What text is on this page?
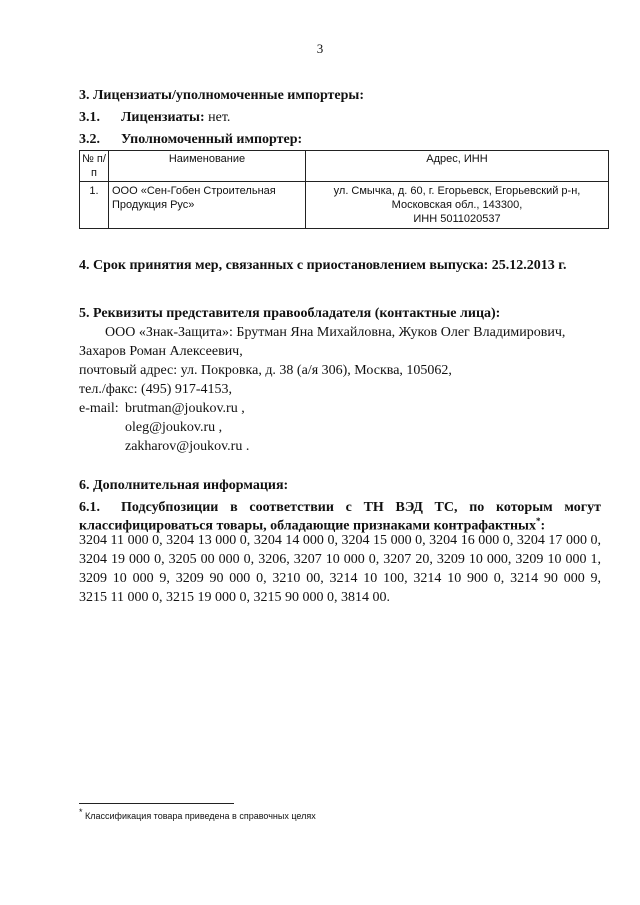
3
3. Лицензиаты/уполномоченные импортеры:
3.1. Лицензиаты: нет.
3.2. Уполномоченный импортер:
№ п/п	Наименование	Адрес, ИНН
1.	ООО «Сен-Гобен Строительная Продукция Рус»	ул. Смычка, д. 60, г. Егорьевск, Егорьевский р-н,
Московская обл., 143300,
ИНН 5011020537
4. Срок принятия мер, связанных с приостановлением выпуска: 25.12.2013 г.
5. Реквизиты представителя правообладателя (контактные лица):
ООО «Знак-Защита»: Брутман Яна Михайловна, Жуков Олег Владимирович,
Захаров Роман Алексеевич,
почтовый адрес: ул. Покровка, д. 38 (а/я 306), Москва, 105062,
тел./факс: (495) 917-4153,
e-mail: brutman@joukov.ru ,
oleg@joukov.ru ,
zakharov@joukov.ru .
6. Дополнительная информация:
6.1. Подсубпозиции в соответствии с ТН ВЭД ТС, по которым могут
классифицироваться товары, обладающие признаками контрафактных*:
3204 11 000 0, 3204 13 000 0, 3204 14 000 0, 3204 15 000 0, 3204 16 000 0, 3204 17 000 0,
3204 19 000 0, 3205 00 000 0, 3206, 3207 10 000 0, 3207 20, 3209 10 000, 3209 10 000 1,
3209 10 000 9, 3209 90 000 0, 3210 00, 3214 10 100, 3214 10 900 0, 3214 90 000 9,
3215 11 000 0, 3215 19 000 0, 3215 90 000 0, 3814 00.
* Классификация товара приведена в справочных целях
